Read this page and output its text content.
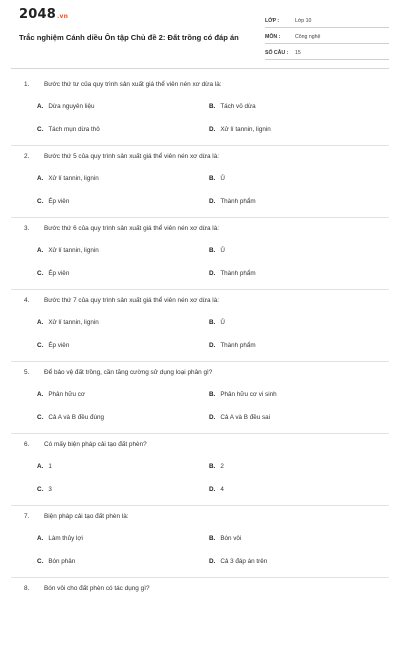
2048.vn
Trắc nghiệm Cánh diều Ôn tập Chủ đề 2: Đất trồng có đáp án
LỚP :	Lớp 10
MÔN :	Công nghệ
SỐ CÂU :	15
1. Bước thứ tư của quy trình sản xuất giá thể viên nén xơ dừa là:
A. Dừa nguyên liệu	B. Tách vỏ dừa
C. Tách mụn dừa thô	D. Xử lí tannin, lignin
2. Bước thứ 5 của quy trình sản xuất giá thể viên nén xơ dừa là:
A. Xử lí tannin, lignin	B. Ủ
C. Ép viên	D. Thành phẩm
3. Bước thứ 6 của quy trình sản xuất giá thể viên nén xơ dừa là:
A. Xử lí tannin, lignin	B. Ủ
C. Ép viên	D. Thành phẩm
4. Bước thứ 7 của quy trình sản xuất giá thể viên nén xơ dừa là:
A. Xử lí tannin, lignin	B. Ủ
C. Ép viên	D. Thành phẩm
5. Để bảo vệ đất trồng, cần tăng cường sử dụng loại phân gì?
A. Phân hữu cơ	B. Phân hữu cơ vi sinh
C. Cả A và B đều đúng	D. Cả A và B đều sai
6. Có mấy biện pháp cải tạo đất phèn?
A. 1	B. 2
C. 3	D. 4
7. Biện pháp cải tạo đất phèn là:
A. Làm thủy lợi	B. Bón vôi
C. Bón phân	D. Cả 3 đáp án trên
8. Bón vôi cho đất phèn có tác dụng gì?
